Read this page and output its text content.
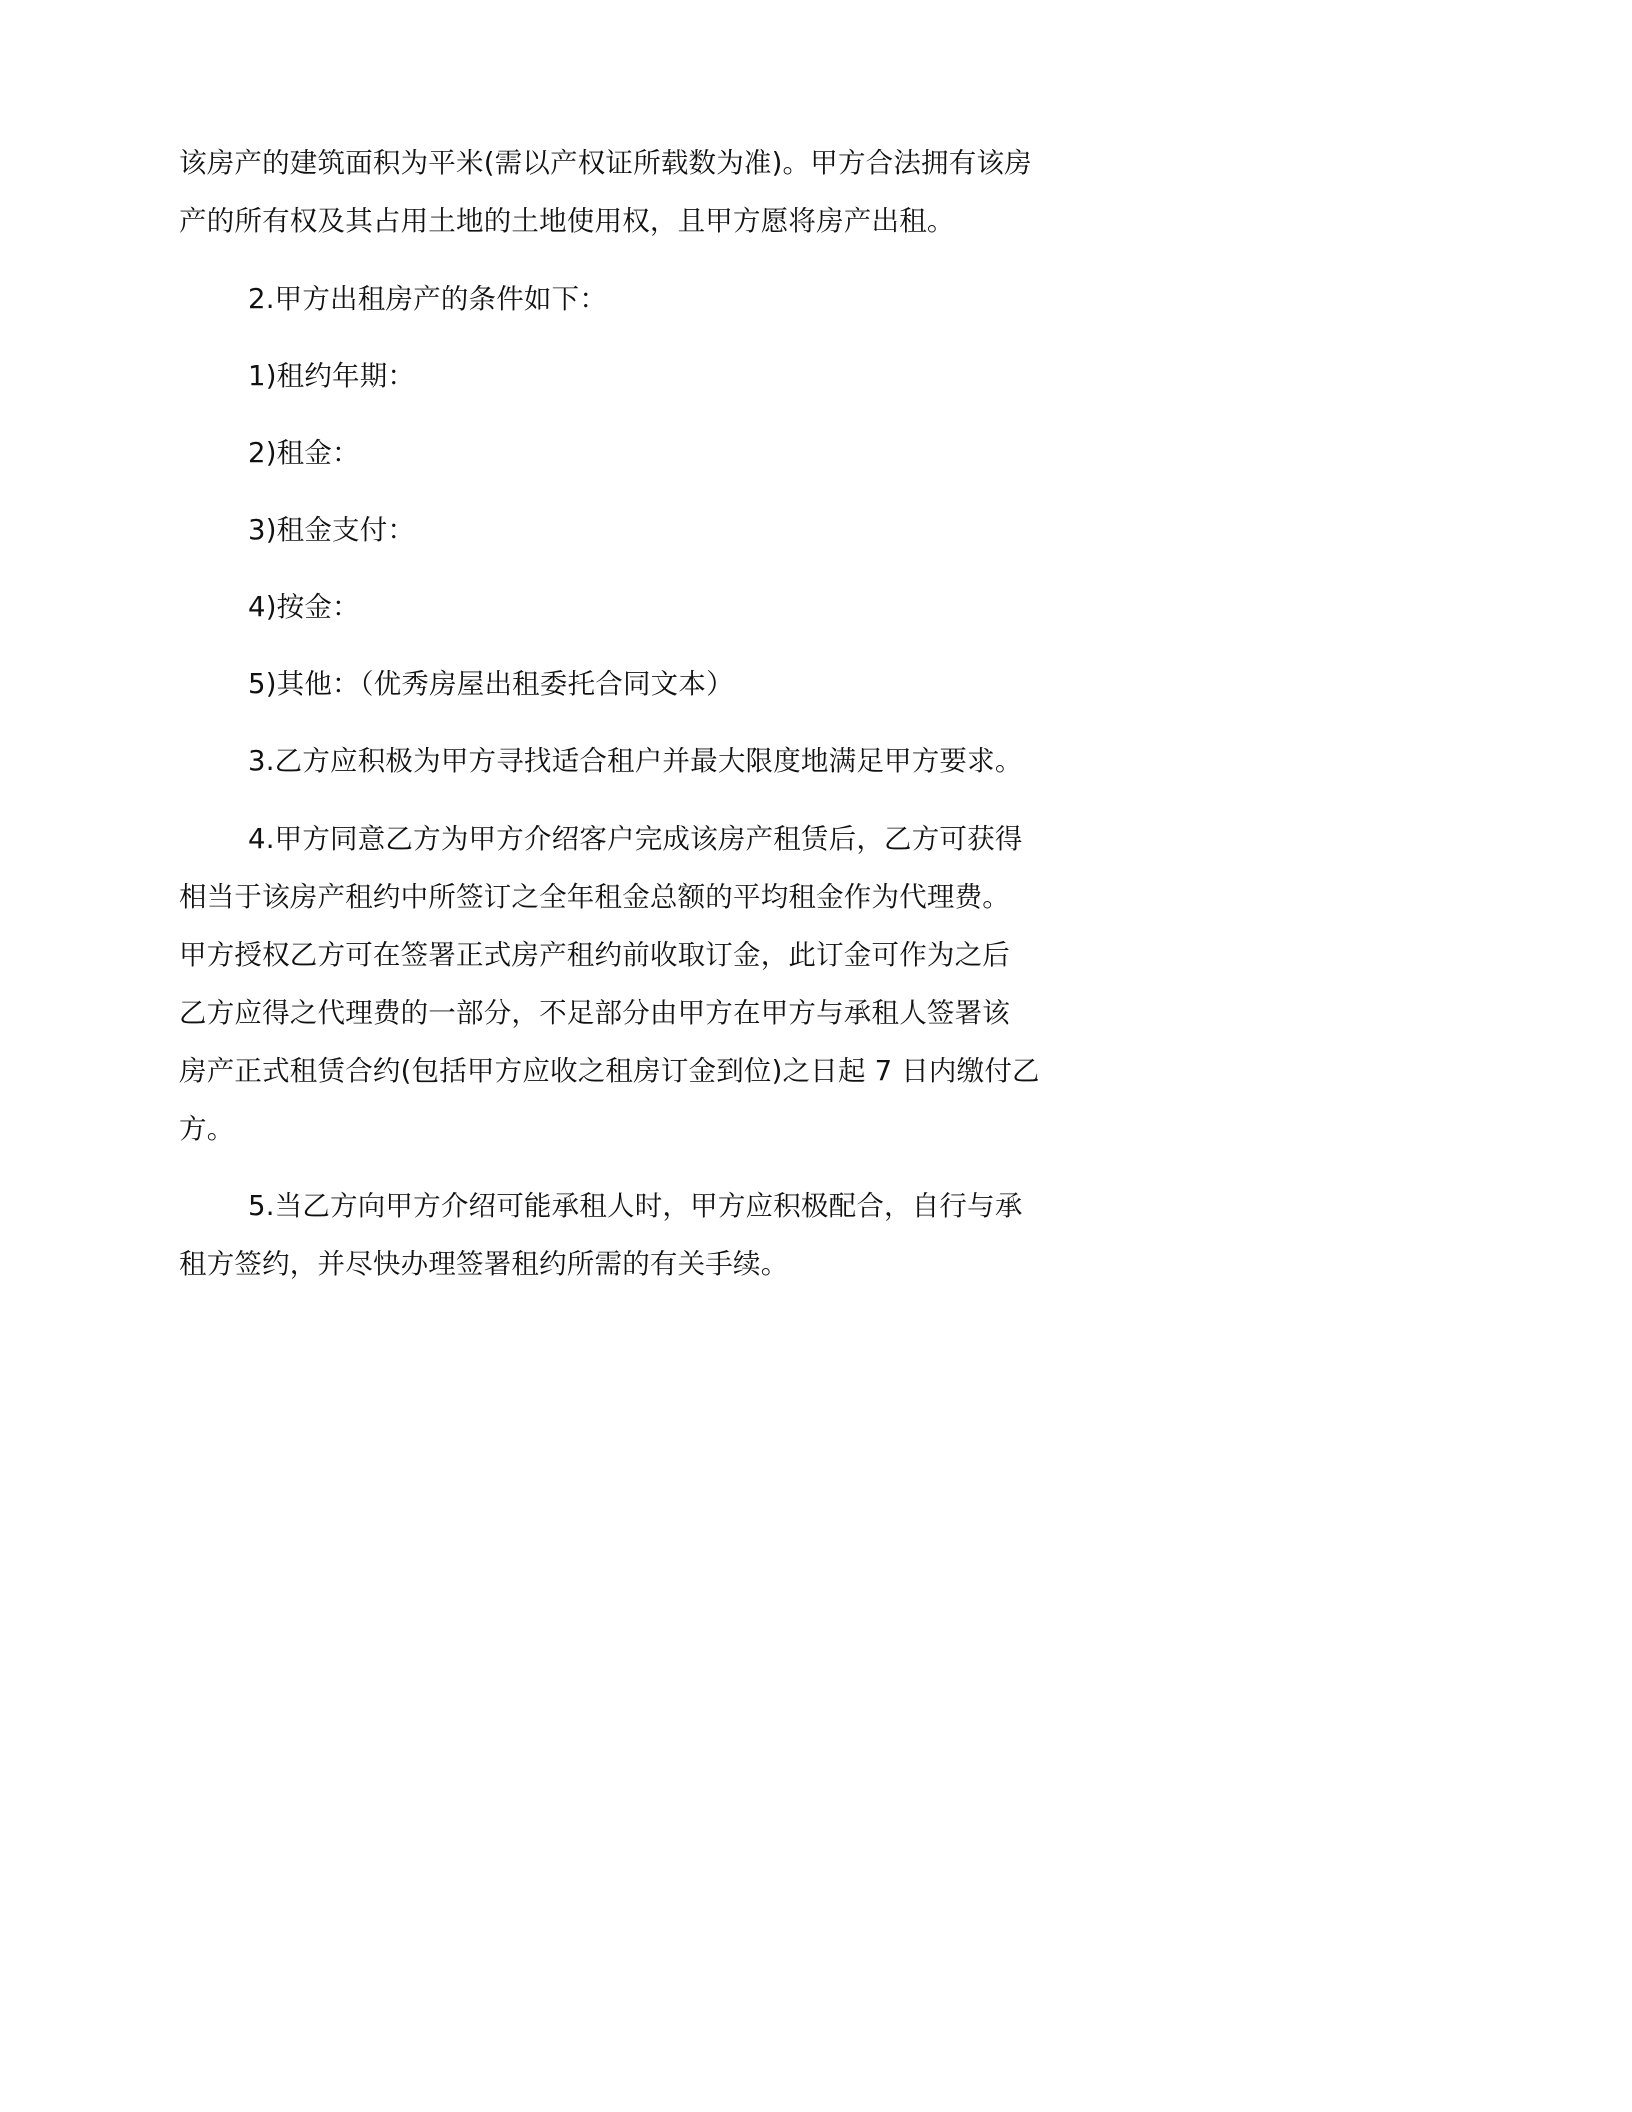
该房产的建筑面积为平米(需以产权证所载数为准)。甲方合法拥有该房
产的所有权及其占用土地的土地使用权，且甲方愿将房产出租。
2.甲方出租房产的条件如下：
1)租约年期：
2)租金：
3)租金支付：
4)按金：
5)其他：（优秀房屋出租委托合同文本）
3.乙方应积极为甲方寻找适合租户并最大限度地满足甲方要求。
4.甲方同意乙方为甲方介绍客户完成该房产租赁后，乙方可获得
相当于该房产租约中所签订之全年租金总额的平均租金作为代理费。
甲方授权乙方可在签署正式房产租约前收取订金，此订金可作为之后
乙方应得之代理费的一部分，不足部分由甲方在甲方与承租人签署该
房产正式租赁合约(包括甲方应收之租房订金到位)之日起 7 日内缴付乙
方。
5.当乙方向甲方介绍可能承租人时，甲方应积极配合，自行与承
租方签约，并尽快办理签署租约所需的有关手续。
